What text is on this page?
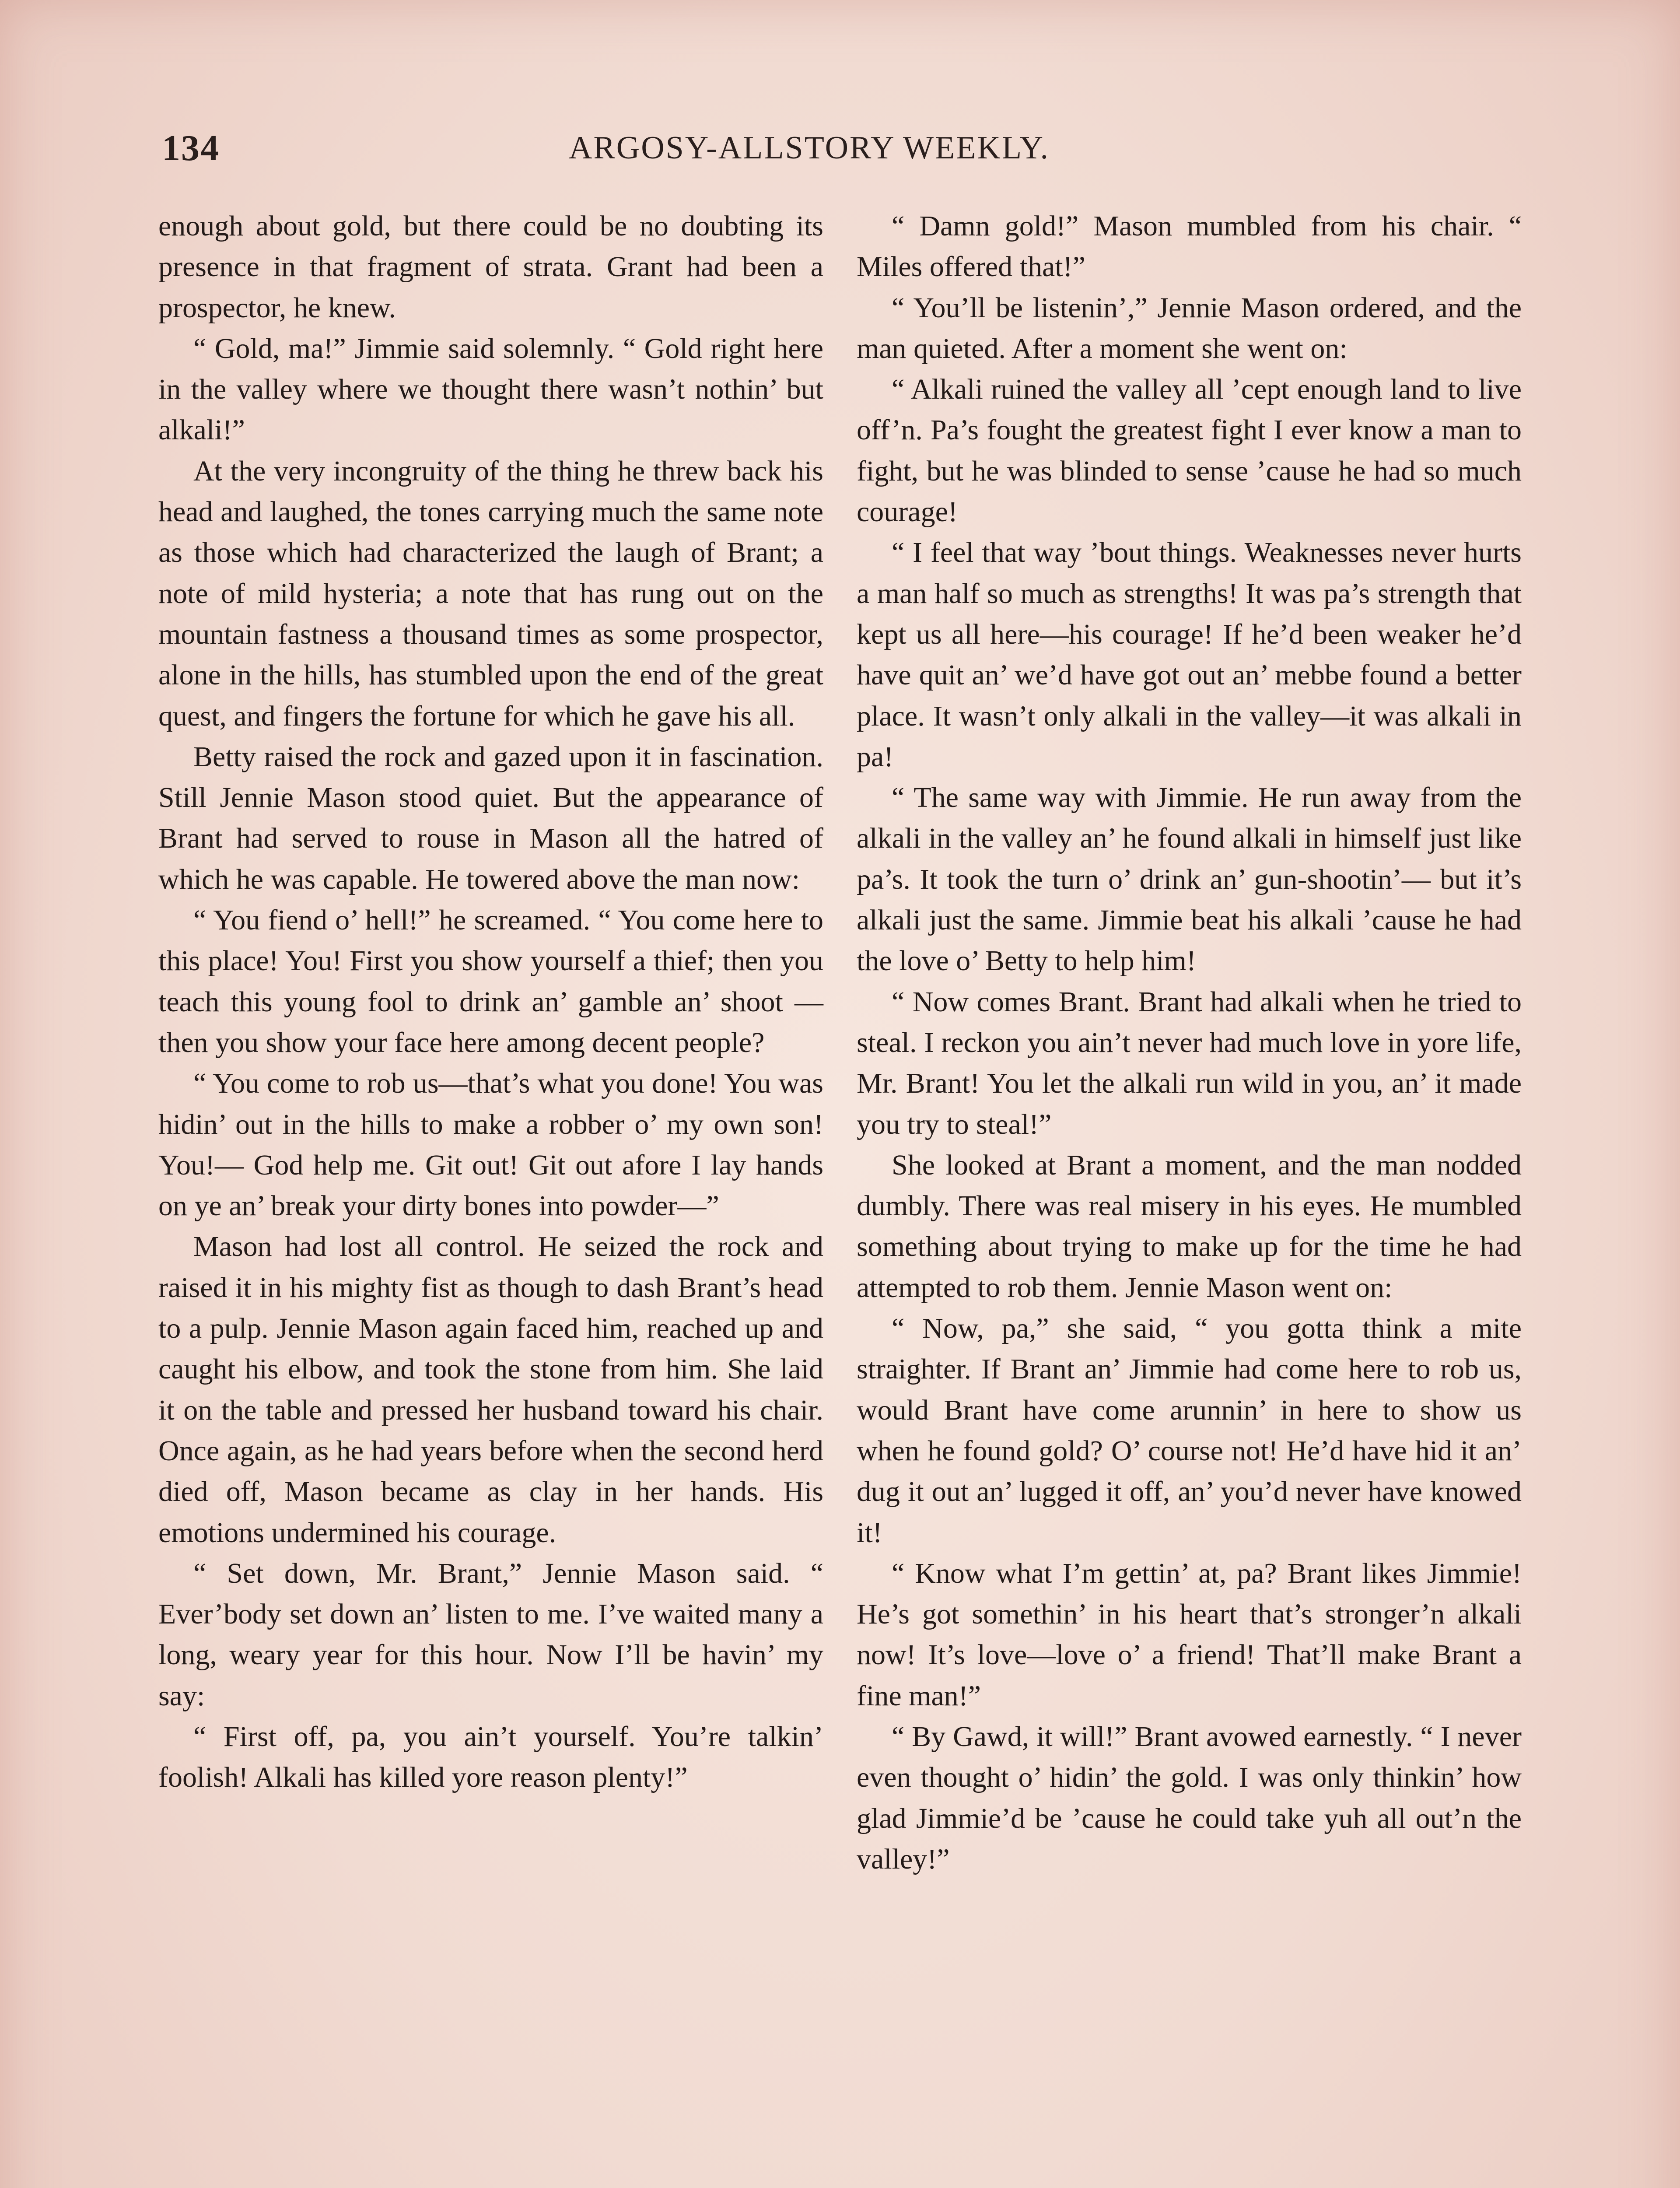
134	ARGOSY-ALLSTORY WEEKLY.

enough about gold, but there could be no doubting its presence in that fragment of strata. Grant had been a prospector, he knew.

“ Gold, ma!” Jimmie said solemnly. “ Gold right here in the valley where we thought there wasn’t nothin’ but alkali!”

At the very incongruity of the thing he threw back his head and laughed, the tones carrying much the same note as those which had characterized the laugh of Brant; a note of mild hysteria; a note that has rung out on the mountain fastness a thousand times as some prospector, alone in the hills, has stumbled upon the end of the great quest, and fingers the fortune for which he gave his all.

Betty raised the rock and gazed upon it in fascination. Still Jennie Mason stood quiet. But the appearance of Brant had served to rouse in Mason all the hatred of which he was capable. He towered above the man now:

“ You fiend o’ hell!” he screamed. “ You come here to this place! You! First you show yourself a thief; then you teach this young fool to drink an’ gamble an’ shoot —then you show your face here among decent people?

“ You come to rob us—that’s what you done! You was hidin’ out in the hills to make a robber o’ my own son! You!— God help me. Git out! Git out afore I lay hands on ye an’ break your dirty bones into powder—”

Mason had lost all control. He seized the rock and raised it in his mighty fist as though to dash Brant’s head to a pulp. Jennie Mason again faced him, reached up and caught his elbow, and took the stone from him. She laid it on the table and pressed her husband toward his chair. Once again, as he had years before when the second herd died off, Mason became as clay in her hands. His emotions undermined his courage.

“ Set down, Mr. Brant,” Jennie Mason said. “ Ever’body set down an’ listen to me. I’ve waited many a long, weary year for this hour. Now I’ll be havin’ my say:

“ First off, pa, you ain’t yourself. You’re talkin’ foolish! Alkali has killed yore reason plenty!”

“ Damn gold!” Mason mumbled from his chair. “ Miles offered that!”

“ You’ll be listenin’,” Jennie Mason ordered, and the man quieted. After a moment she went on:

“ Alkali ruined the valley all ’cept enough land to live off’n. Pa’s fought the greatest fight I ever know a man to fight, but he was blinded to sense ’cause he had so much courage!

“ I feel that way ’bout things. Weaknesses never hurts a man half so much as strengths! It was pa’s strength that kept us all here—his courage! If he’d been weaker he’d have quit an’ we’d have got out an’ mebbe found a better place. It wasn’t only alkali in the valley—it was alkali in pa!

“ The same way with Jimmie. He run away from the alkali in the valley an’ he found alkali in himself just like pa’s. It took the turn o’ drink an’ gun-shootin’— but it’s alkali just the same. Jimmie beat his alkali ’cause he had the love o’ Betty to help him!

“ Now comes Brant. Brant had alkali when he tried to steal. I reckon you ain’t never had much love in yore life, Mr. Brant! You let the alkali run wild in you, an’ it made you try to steal!”

She looked at Brant a moment, and the man nodded dumbly. There was real misery in his eyes. He mumbled something about trying to make up for the time he had attempted to rob them. Jennie Mason went on:

“ Now, pa,” she said, “ you gotta think a mite straighter. If Brant an’ Jimmie had come here to rob us, would Brant have come arunnin’ in here to show us when he found gold? O’ course not! He’d have hid it an’ dug it out an’ lugged it off, an’ you’d never have knowed it!

“ Know what I’m gettin’ at, pa? Brant likes Jimmie! He’s got somethin’ in his heart that’s stronger’n alkali now! It’s love—love o’ a friend! That’ll make Brant a fine man!”

“ By Gawd, it will!” Brant avowed earnestly. “ I never even thought o’ hidin’ the gold. I was only thinkin’ how glad Jimmie’d be ’cause he could take yuh all out’n the valley!”
